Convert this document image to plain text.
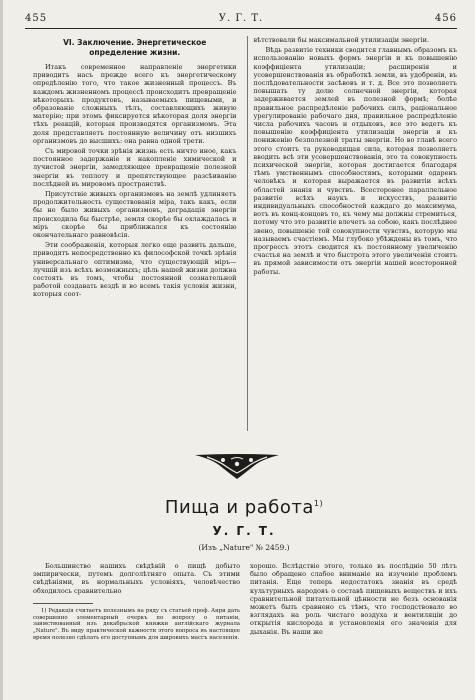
455	У. Г. Т.	456
VI. Заключение. Энергетическое определение жизни.

Итакъ современное направленіе энергетики приводитъ насъ прежде всего къ энергетическому опредѣленію того, что такое жизненный процессъ. Въ каждомъ жизненномъ процессѣ происходитъ превращеніе нѣкоторыхъ продуктовъ, называемыхъ пищевыми, и образованіе сложныхъ тѣлъ, составляющихъ живую матерію; при этомъ фиксируется нѣкоторая доля энергіи тѣхъ реакцій, которыя производятся организмомъ. Эта доля представляетъ постоянную величину отъ низшихъ организмовъ до высшихъ: она равна одной трети.

Съ мировой точки зрѣнія жизнь есть ничто иное, какъ постоянное задержаніе и накопленіе химической и лучистой энергіи, замедляющее превращеніе полезной энергіи въ теплоту и препятствующее разсѣиванію послѣдней въ мировомъ пространствѣ.

Присутствіе живыхъ организмовъ на землѣ удлиняетъ продолжительность существованія міра, такъ какъ, если бы не было живыхъ организмовъ, деградація энергіи происходила бы быстрѣе, земля скорѣе бы охлаждалась и міръ скорѣе бы приближался къ состоянію окончательнаго равновѣсія.

Эти соображенія, которыя легко еще развить дальше, приводятъ непосредственно къ философской точкѣ зрѣнія универсальнаго оптимизма, что существующій міръ—лучшій изъ всѣхъ возможныхъ; цѣль нашей жизни должна состоять въ томъ, чтобы постоянной сознательной работой создавать вездѣ и во всемъ такія условія жизни, которыя соот-

вѣтствовали бы максимальной утилизаціи энергіи.

Вѣдь развитіе техники сводится главнымъ образомъ къ использованію новыхъ формъ энергіи и къ повышенію коэффиціента утилизаціи; расширенія и усовершенствованія въ обработкѣ земли, въ удобреніи, въ послѣдовательности засѣвовъ и т. д. Все это позволяетъ повышать ту долю солнечной энергіи, которая задерживается землей въ полезной формѣ; болѣе правильное распредѣленіе рабочихъ силъ, раціональное урегулированіе рабочаго дня, правильное распредѣленіе числа рабочихъ часовъ и отдыховъ, все это ведетъ къ повышенію коэффиціента утилизаціи энергіи и къ пониженію безполезной траты энергіи. Но во главѣ всего этого стоитъ та руководящая сила, которая позволяетъ вводить всѣ эти усовершенствованія, это та совокупность психической энергіи, которая достигается благодаря тѣмъ умственнымъ способностямъ, которыми одаренъ человѣкъ и которая выражается въ развитіи всѣхъ областей знанія и чувствъ. Всесторонее параллельное развитіе всѣхъ наукъ и искусствъ, развитіе индивидуальныхъ способностей каждаго до максимума, вотъ въ конц-концовъ то, къ чему мы должны стремиться, потому что это развитіе влечетъ за собою, какъ послѣднее звено, повышеніе той совокупности чувствъ, которую мы называемъ счастіемъ. Мы глубоко убѣждены въ томъ, что прогрессъ этотъ сводится къ постоянному увеличенію счастья на землѣ и что быстрота этого увеличенія стоитъ въ прямой зависимости отъ энергіи нашей всесторонней работы.

Пища и работа$^{1)}$
У. Г. Т.
(Изъ „Nature" № 2459.)

Большинство нашихъ свѣдѣній о пищѣ добыто эмпирически, путемъ долголѣтняго опыта. Съ этими свѣдѣніями, въ нормальныхъ условіяхъ, человѣчество обходилось сравнительно

1) Редакція считаетъ полезнымъ на ряду съ статьей проф. Анри дать совершенно элементарный очеркъ по вопросу о питаніи, заимствованный изъ декабрьской книжки англійскаго журнала „Nature". Въ виду практической важности этого вопроса въ настоящее время полезно сдѣлать его доступнымъ для широкихъ массъ населенія.

хорошо. Вслѣдствіе этого, только въ послѣдніе 50 лѣтъ было обращено слабое вниманіе на изученіе проблемъ питанія. Еще теперь недостатокъ знанія въ средѣ культурныхъ народовъ о составѣ пищевыхъ веществъ и ихъ сравнительной питательной цѣнности не безъ основанія можетъ быть сравнено съ тѣмъ, что господствовало во взглядахъ на роль чистаго воздуха и вентиляціи до открытія кислорода и установленія его значенія для дыханія. Въ наши же
